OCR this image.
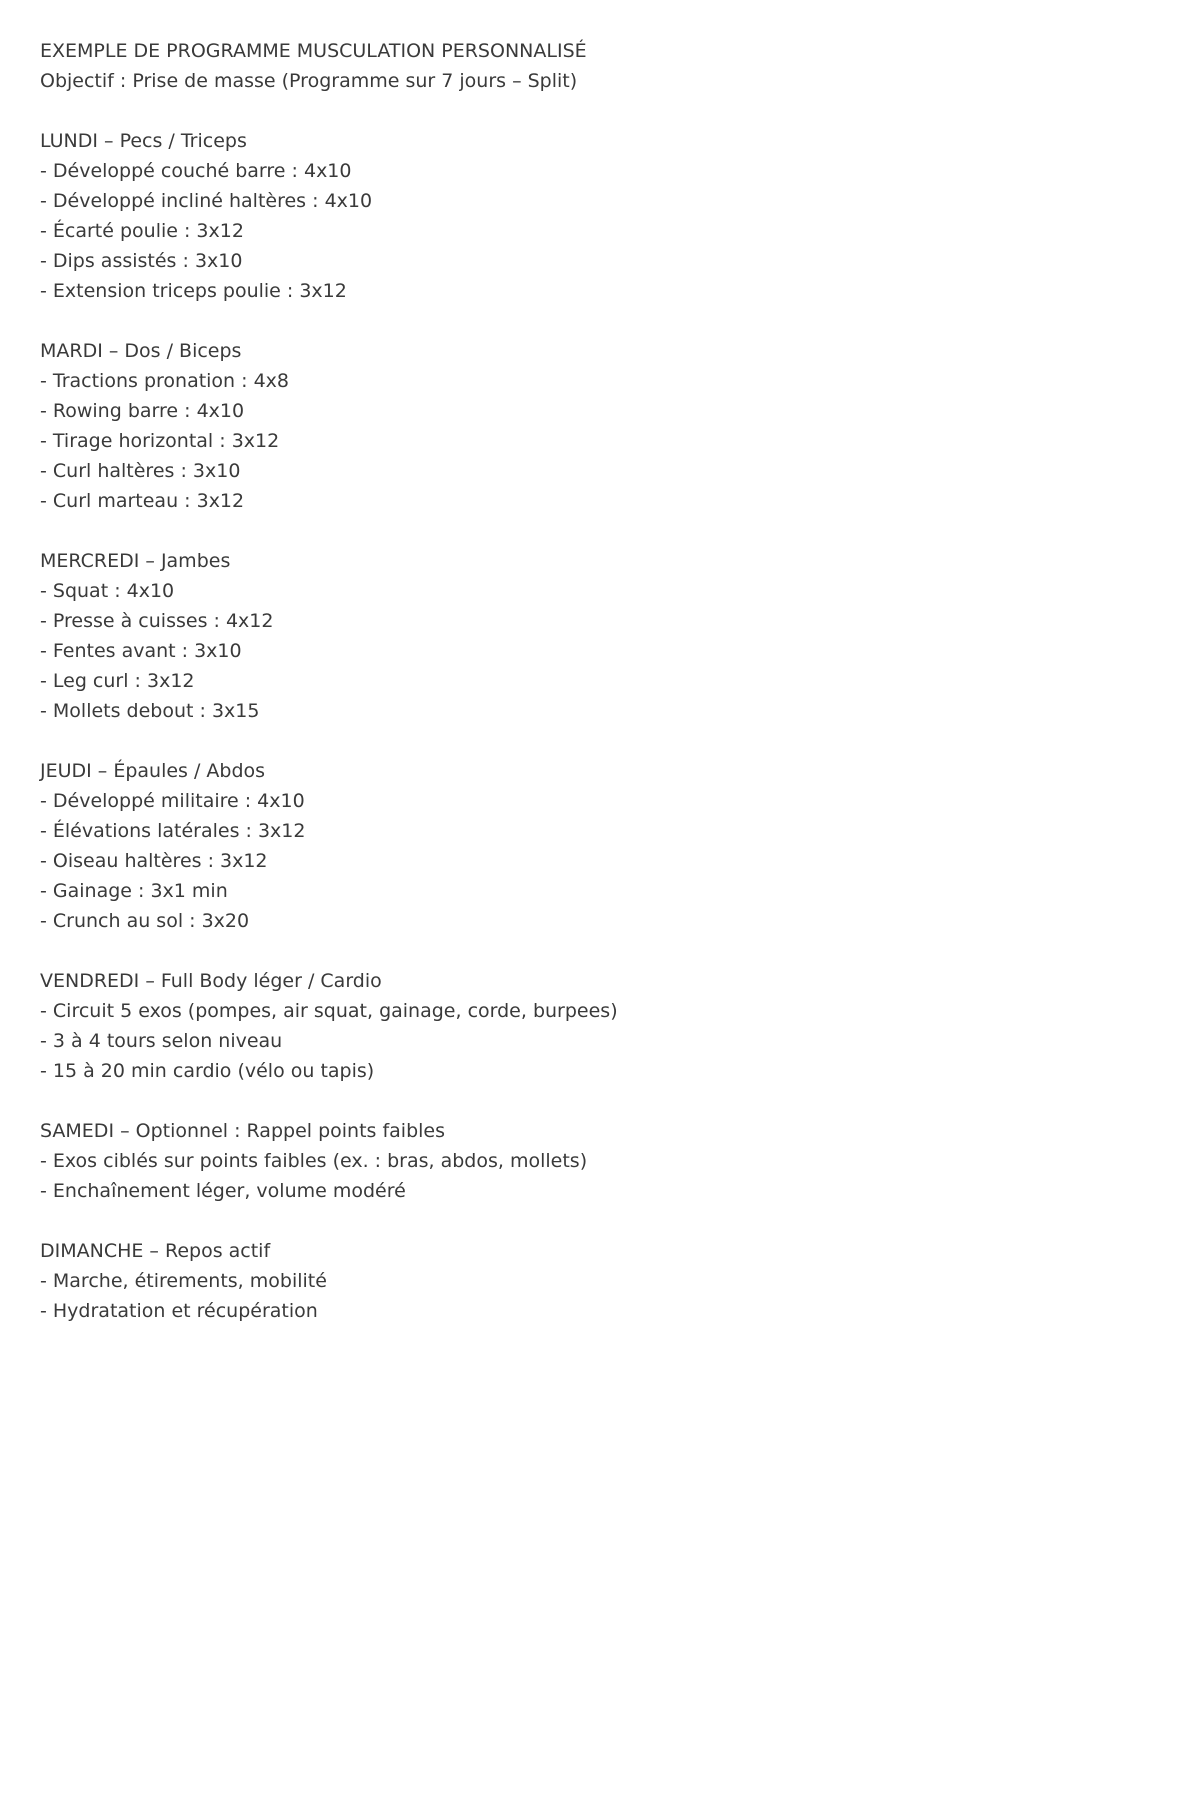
EXEMPLE DE PROGRAMME MUSCULATION PERSONNALISÉ
Objectif : Prise de masse (Programme sur 7 jours – Split)
LUNDI – Pecs / Triceps
- Développé couché barre : 4x10
- Développé incliné haltères : 4x10
- Écarté poulie : 3x12
- Dips assistés : 3x10
- Extension triceps poulie : 3x12
MARDI – Dos / Biceps
- Tractions pronation : 4x8
- Rowing barre : 4x10
- Tirage horizontal : 3x12
- Curl haltères : 3x10
- Curl marteau : 3x12
MERCREDI – Jambes
- Squat : 4x10
- Presse à cuisses : 4x12
- Fentes avant : 3x10
- Leg curl : 3x12
- Mollets debout : 3x15
JEUDI – Épaules / Abdos
- Développé militaire : 4x10
- Élévations latérales : 3x12
- Oiseau haltères : 3x12
- Gainage : 3x1 min
- Crunch au sol : 3x20
VENDREDI – Full Body léger / Cardio
- Circuit 5 exos (pompes, air squat, gainage, corde, burpees)
- 3 à 4 tours selon niveau
- 15 à 20 min cardio (vélo ou tapis)
SAMEDI – Optionnel : Rappel points faibles
- Exos ciblés sur points faibles (ex. : bras, abdos, mollets)
- Enchaînement léger, volume modéré
DIMANCHE – Repos actif
- Marche, étirements, mobilité
- Hydratation et récupération
